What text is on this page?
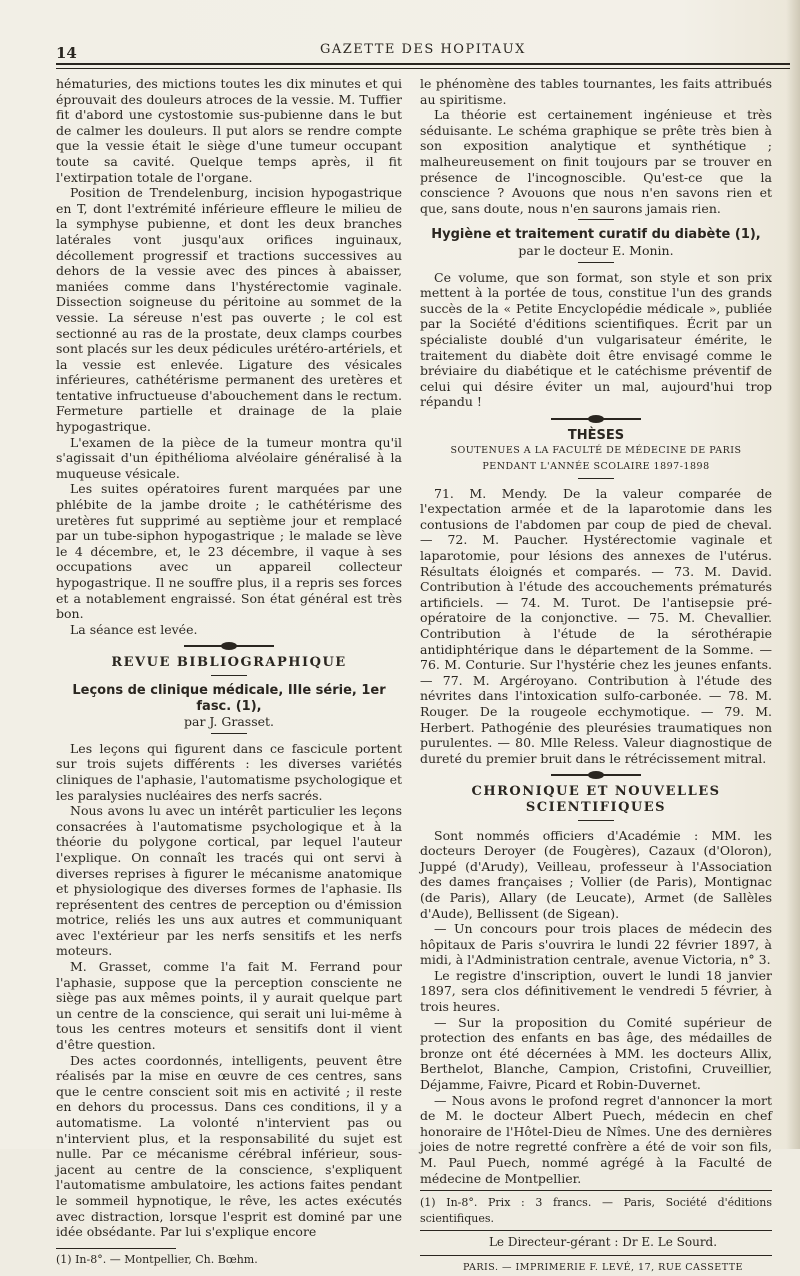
14	GAZETTE DES HOPITAUX

hématuries, des mictions toutes les dix minutes et qui éprouvait des douleurs atroces de la vessie. M. Tuffier fit d'abord une cystostomie sus-pubienne dans le but de calmer les douleurs. Il put alors se rendre compte que la vessie était le siège d'une tumeur occupant toute sa cavité. Quelque temps après, il fit l'extirpation totale de l'organe.

Position de Trendelenburg, incision hypogastrique en T, dont l'extrémité inférieure effleure le milieu de la symphyse pubienne, et dont les deux branches latérales vont jusqu'aux orifices inguinaux, décollement progressif et tractions successives au dehors de la vessie avec des pinces à abaisser, maniées comme dans l'hystérectomie vaginale. Dissection soigneuse du péritoine au sommet de la vessie. La séreuse n'est pas ouverte ; le col est sectionné au ras de la prostate, deux clamps courbes sont placés sur les deux pédicules urétéro-artériels, et la vessie est enlevée. Ligature des vésicales inférieures, cathétérisme permanent des uretères et tentative infructueuse d'abouchement dans le rectum. Fermeture partielle et drainage de la plaie hypogastrique.

L'examen de la pièce de la tumeur montra qu'il s'agissait d'un épithélioma alvéolaire généralisé à la muqueuse vésicale.

Les suites opératoires furent marquées par une phlébite de la jambe droite ; le cathétérisme des uretères fut supprimé au septième jour et remplacé par un tube-siphon hypogastrique ; le malade se lève le 4 décembre, et, le 23 décembre, il vaque à ses occupations avec un appareil collecteur hypogastrique. Il ne souffre plus, il a repris ses forces et a notablement engraissé. Son état général est très bon.

La séance est levée.

REVUE BIBLIOGRAPHIQUE

Leçons de clinique médicale, IIIe série, 1er fasc. (1),

par J. Grasset.

Les leçons qui figurent dans ce fascicule portent sur trois sujets différents : les diverses variétés cliniques de l'aphasie, l'automatisme psychologique et les paralysies nucléaires des nerfs sacrés.

Nous avons lu avec un intérêt particulier les leçons consacrées à l'automatisme psychologique et à la théorie du polygone cortical, par lequel l'auteur l'explique. On connaît les tracés qui ont servi à diverses reprises à figurer le mécanisme anatomique et physiologique des diverses formes de l'aphasie. Ils représentent des centres de perception ou d'émission motrice, reliés les uns aux autres et communiquant avec l'extérieur par les nerfs sensitifs et les nerfs moteurs.

M. Grasset, comme l'a fait M. Ferrand pour l'aphasie, suppose que la perception consciente ne siège pas aux mêmes points, il y aurait quelque part un centre de la conscience, qui serait uni lui-même à tous les centres moteurs et sensitifs dont il vient d'être question.

Des actes coordonnés, intelligents, peuvent être réalisés par la mise en œuvre de ces centres, sans que le centre conscient soit mis en activité ; il reste en dehors du processus. Dans ces conditions, il y a automatisme. La volonté n'intervient pas ou n'intervient plus, et la responsabilité du sujet est nulle. Par ce mécanisme cérébral inférieur, sous-jacent au centre de la conscience, s'expliquent l'automatisme ambulatoire, les actions faites pendant le sommeil hypnotique, le rêve, les actes exécutés avec distraction, lorsque l'esprit est dominé par une idée obsédante. Par lui s'explique encore

(1) In-8°. — Montpellier, Ch. Bœhm.

le phénomène des tables tournantes, les faits attribués au spiritisme.

La théorie est certainement ingénieuse et très séduisante. Le schéma graphique se prête très bien à son exposition analytique et synthétique ; malheureusement on finit toujours par se trouver en présence de l'incognoscible. Qu'est-ce que la conscience ? Avouons que nous n'en savons rien et que, sans doute, nous n'en saurons jamais rien.

Hygiène et traitement curatif du diabète (1),

par le docteur E. Monin.

Ce volume, que son format, son style et son prix mettent à la portée de tous, constitue l'un des grands succès de la « Petite Encyclopédie médicale », publiée par la Société d'éditions scientifiques. Écrit par un spécialiste doublé d'un vulgarisateur émérite, le traitement du diabète doit être envisagé comme le bréviaire du diabétique et le catéchisme préventif de celui qui désire éviter un mal, aujourd'hui trop répandu !

THÈSES

SOUTENUES A LA FACULTÉ DE MÉDECINE DE PARIS

PENDANT L'ANNÉE SCOLAIRE 1897-1898

71. M. Mendy. De la valeur comparée de l'expectation armée et de la laparotomie dans les contusions de l'abdomen par coup de pied de cheval. — 72. M. Paucher. Hystérectomie vaginale et laparotomie, pour lésions des annexes de l'utérus. Résultats éloignés et comparés. — 73. M. David. Contribution à l'étude des accouchements prématurés artificiels. — 74. M. Turot. De l'antisepsie pré-opératoire de la conjonctive. — 75. M. Chevallier. Contribution à l'étude de la sérothérapie antidiphtérique dans le département de la Somme. — 76. M. Conturie. Sur l'hystérie chez les jeunes enfants. — 77. M. Argéroyano. Contribution à l'étude des névrites dans l'intoxication sulfo-carbonée. — 78. M. Rouger. De la rougeole ecchymotique. — 79. M. Herbert. Pathogénie des pleurésies traumatiques non purulentes. — 80. Mlle Reless. Valeur diagnostique de dureté du premier bruit dans le rétrécissement mitral.

CHRONIQUE ET NOUVELLES SCIENTIFIQUES

Sont nommés officiers d'Académie : MM. les docteurs Deroyer (de Fougères), Cazaux (d'Oloron), Juppé (d'Arudy), Veilleau, professeur à l'Association des dames françaises ; Vollier (de Paris), Montignac (de Paris), Allary (de Leucate), Armet (de Sallèles d'Aude), Bellissent (de Sigean).

— Un concours pour trois places de médecin des hôpitaux de Paris s'ouvrira le lundi 22 février 1897, à midi, à l'Administration centrale, avenue Victoria, n° 3.

Le registre d'inscription, ouvert le lundi 18 janvier 1897, sera clos définitivement le vendredi 5 février, à trois heures.

— Sur la proposition du Comité supérieur de protection des enfants en bas âge, des médailles de bronze ont été décernées à MM. les docteurs Allix, Berthelot, Blanche, Campion, Cristofini, Cruveillier, Déjamme, Faivre, Picard et Robin-Duvernet.

— Nous avons le profond regret d'annoncer la mort de M. le docteur Albert Puech, médecin en chef honoraire de l'Hôtel-Dieu de Nîmes. Une des dernières joies de notre regretté confrère a été de voir son fils, M. Paul Puech, nommé agrégé à la Faculté de médecine de Montpellier.

(1) In-8°. Prix : 3 francs. — Paris, Société d'éditions scientifiques.

Le Directeur-gérant : Dr E. Le Sourd.

PARIS. — IMPRIMERIE F. LEVÉ, 17, RUE CASSETTE
